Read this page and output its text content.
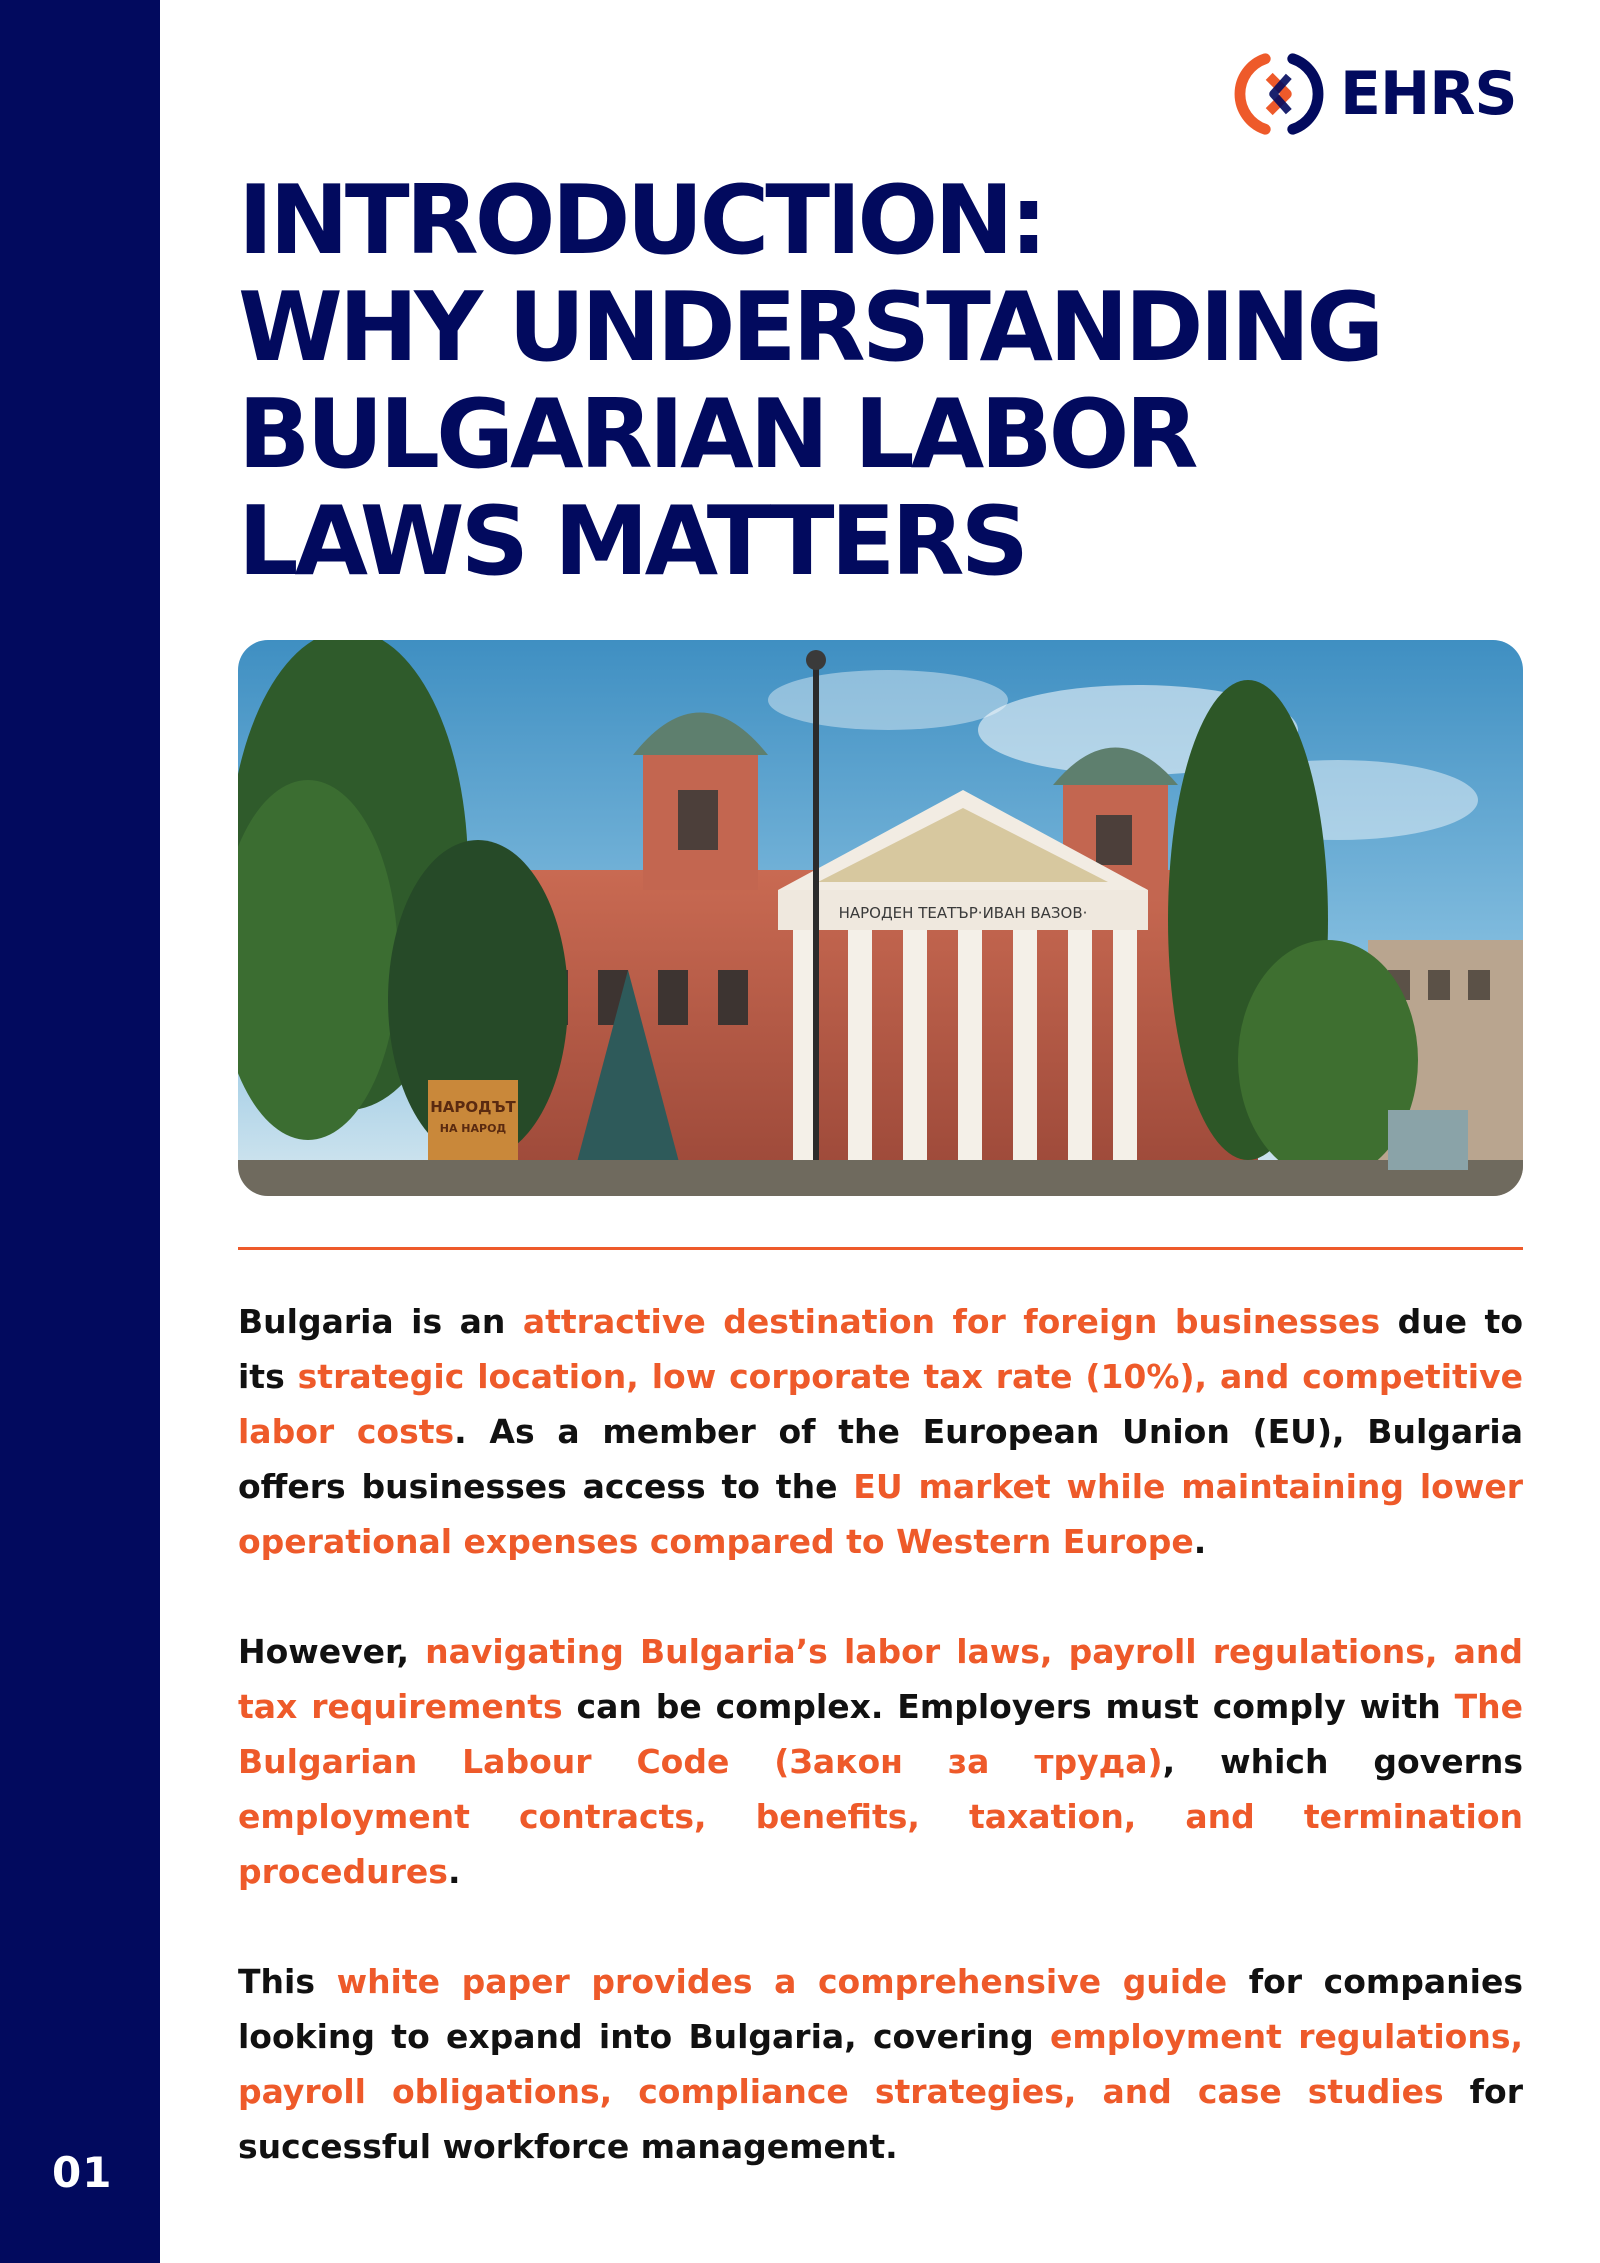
01
EHRS
INTRODUCTION:
WHY UNDERSTANDING
BULGARIAN LABOR
LAWS MATTERS
НАРОДЕН ТЕАТЪР·ИВАН ВАЗОВ·
НАРОДЪТ
НА НАРОД

Bulgaria is an attractive destination for foreign businesses due to its strategic location, low corporate tax rate (10%), and competitive labor costs. As a member of the European Union (EU), Bulgaria offers businesses access to the EU market while maintaining lower operational expenses compared to Western Europe.

However, navigating Bulgaria’s labor laws, payroll regulations, and tax requirements can be complex. Employers must comply with The Bulgarian Labour Code (Закон за труда), which governs employment contracts, benefits, taxation, and termination procedures.

This white paper provides a comprehensive guide for companies looking to expand into Bulgaria, covering employment regulations, payroll obligations, compliance strategies, and case studies for successful workforce management.
